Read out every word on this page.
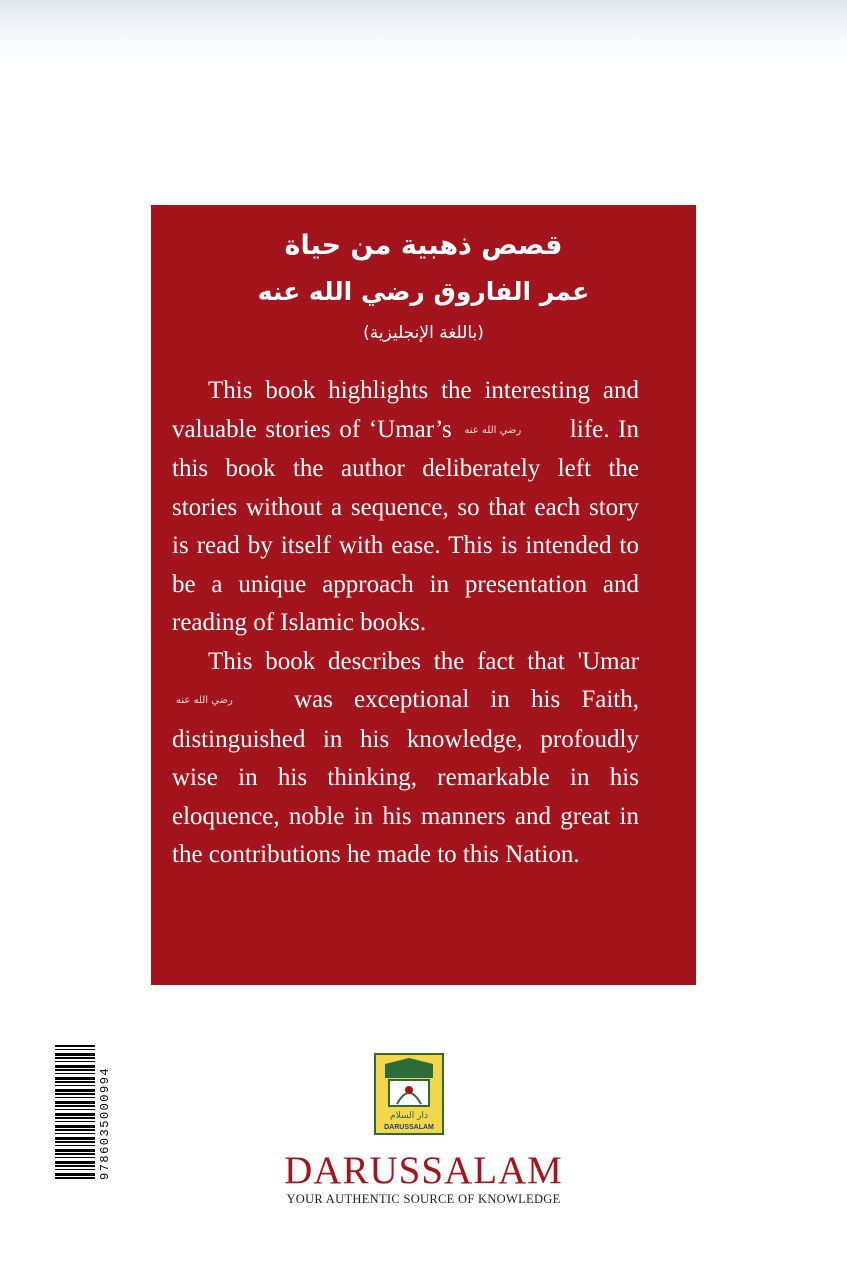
قصص ذهبية من حياة
عمر الفاروق رضي الله عنه
(باللغة الإنجليزية)

This book highlights the interesting and valuable stories of ‘Umar’s رضي الله عنه life. In this book the author deliberately left the stories without a sequence, so that each story is read by itself with ease. This is intended to be a unique approach in presentation and reading of Islamic books.

This book describes the fact that 'Umar رضي الله عنه was exceptional in his Faith, distinguished in his knowledge, profoudly wise in his thinking, remarkable in his eloquence, noble in his manners and great in the contributions he made to this Nation.

9786035000994	دار السلام
DARUSSALAM
DARUSSALAM
YOUR AUTHENTIC SOURCE OF KNOWLEDGE
